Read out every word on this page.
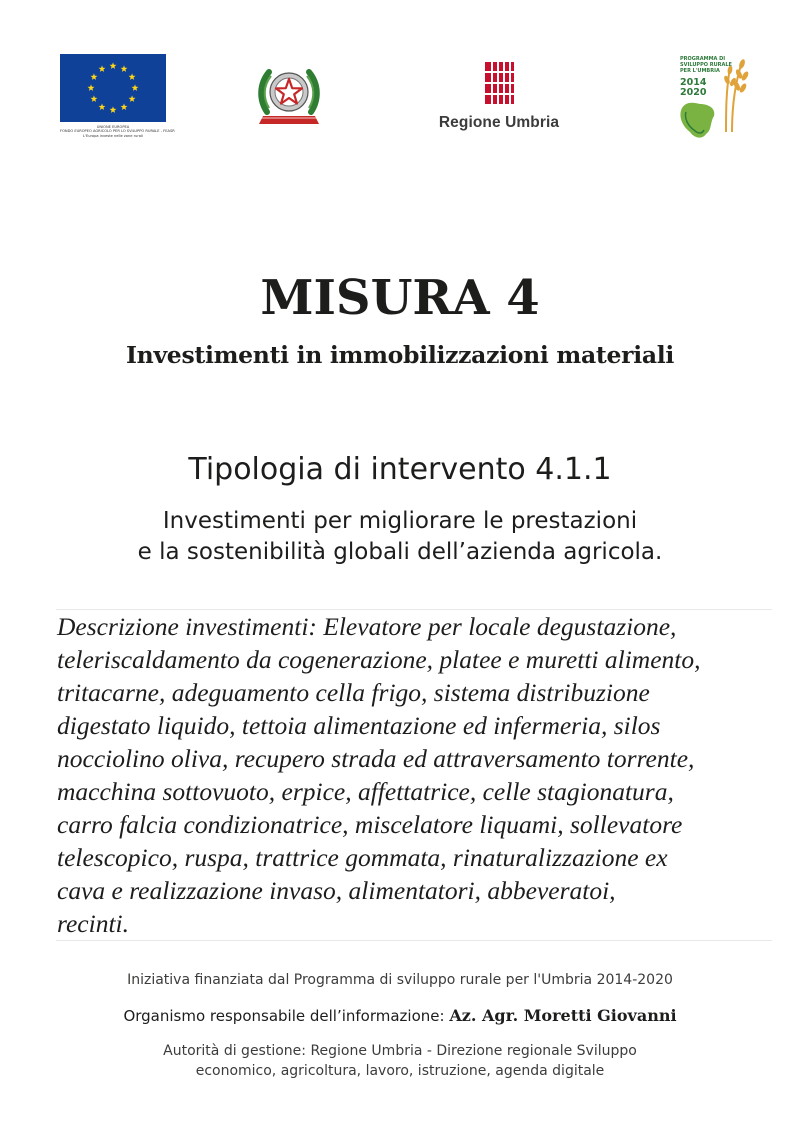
UNIONE EUROPEA
FONDO EUROPEO AGRICOLO PER LO SVILUPPO RURALE - FEASR
L'Europa investe nelle zone rurali
Regione Umbria
PROGRAMMA DI
SVILUPPO RURALE
PER L'UMBRIA
2014
2020
MISURA 4
Investimenti in immobilizzazioni materiali
Tipologia di intervento 4.1.1
Investimenti per migliorare le prestazioni
e la sostenibilità globali dell’azienda agricola.
Descrizione investimenti: Elevatore per locale degustazione,
teleriscaldamento da cogenerazione, platee e muretti alimento,
tritacarne, adeguamento cella frigo, sistema distribuzione
digestato liquido, tettoia alimentazione ed infermeria, silos
nocciolino oliva, recupero strada ed attraversamento torrente,
macchina sottovuoto, erpice, affettatrice, celle stagionatura,
carro falcia condizionatrice, miscelatore liquami, sollevatore
telescopico, ruspa, trattrice gommata, rinaturalizzazione ex
cava e realizzazione invaso, alimentatori, abbeveratoi,
recinti.
Iniziativa finanziata dal Programma di sviluppo rurale per l'Umbria 2014-2020
Organismo responsabile dell’informazione: Az. Agr. Moretti Giovanni
Autorità di gestione: Regione Umbria - Direzione regionale Sviluppo
economico, agricoltura, lavoro, istruzione, agenda digitale
